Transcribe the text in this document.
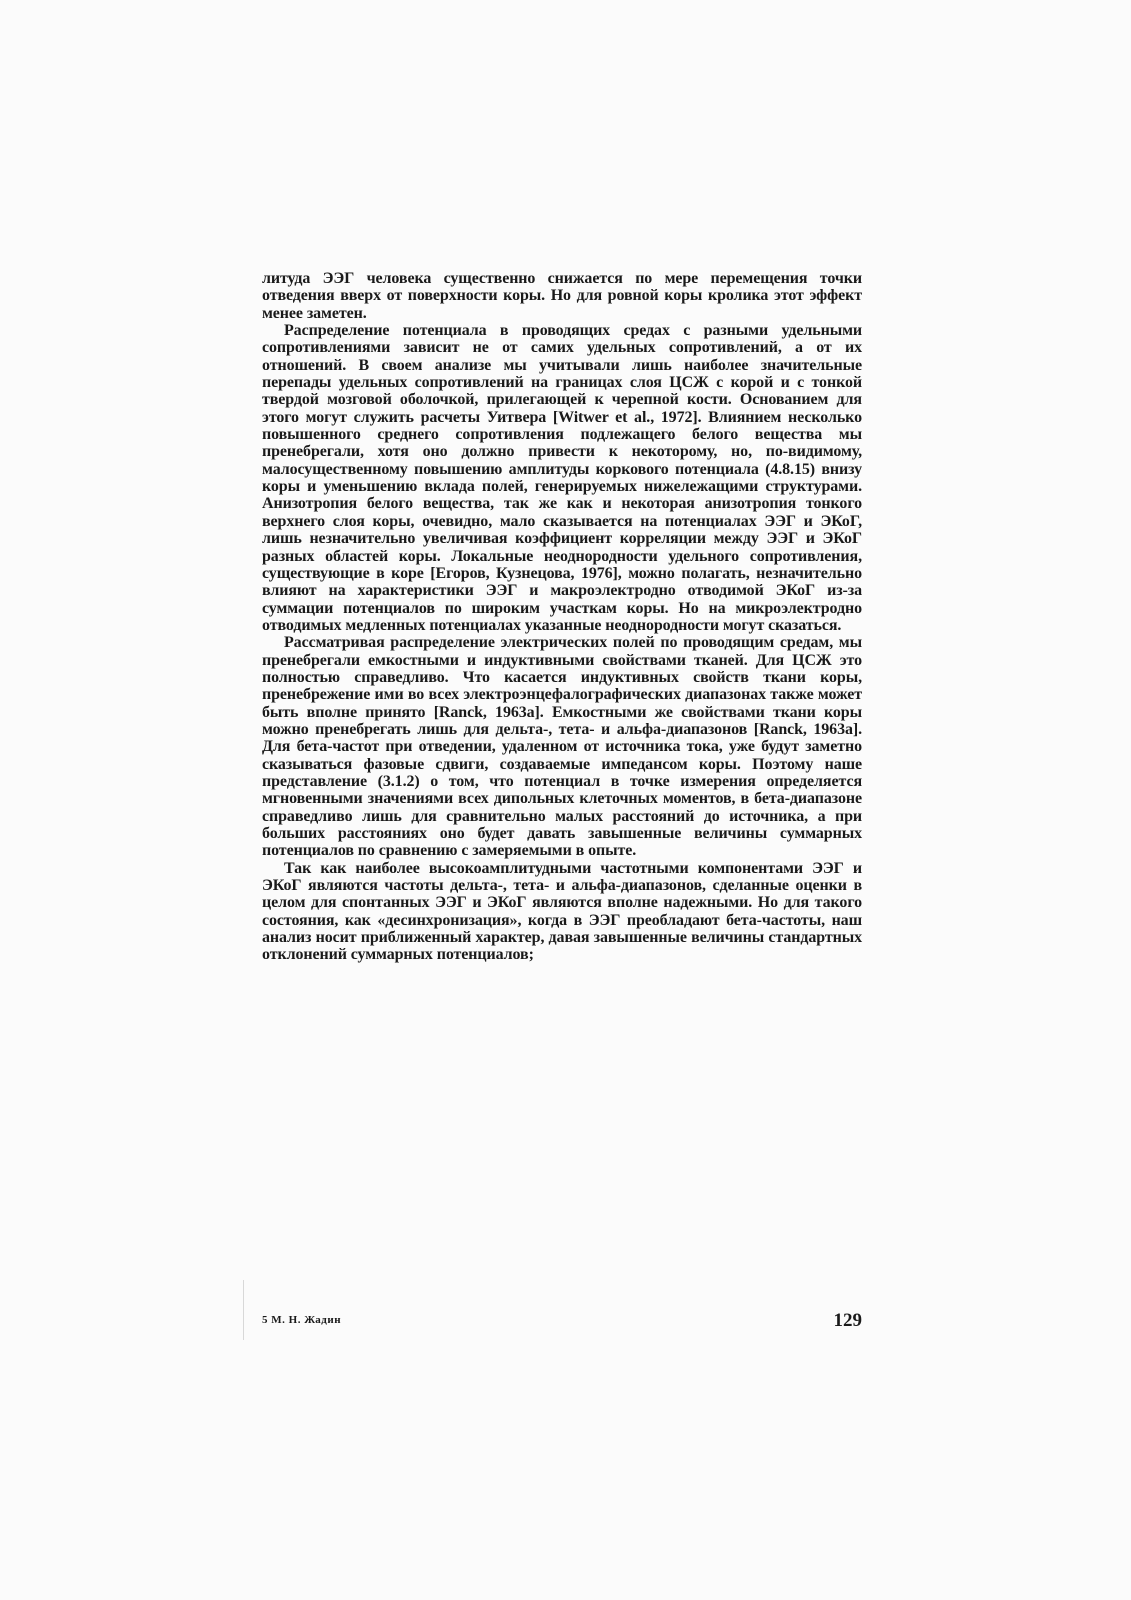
литуда ЭЭГ человека существенно снижается по мере перемещения точки отведения вверх от поверхности коры. Но для ровной коры кролика этот эффект менее заметен.

Распределение потенциала в проводящих средах с разными удельными сопротивлениями зависит не от самих удельных сопротивлений, а от их отношений. В своем анализе мы учитывали лишь наиболее значительные перепады удельных сопротивлений на границах слоя ЦСЖ с корой и с тонкой твердой мозговой оболочкой, прилегающей к черепной кости. Основанием для этого могут служить расчеты Уитвера [Witwer et al., 1972]. Влиянием несколько повышенного среднего сопротивления подлежащего белого вещества мы пренебрегали, хотя оно должно привести к некоторому, но, по-видимому, малосущественному повышению амплитуды коркового потенциала (4.8.15) внизу коры и уменьшению вклада полей, генерируемых нижележащими структурами. Анизотропия белого вещества, так же как и некоторая анизотропия тонкого верхнего слоя коры, очевидно, мало сказывается на потенциалах ЭЭГ и ЭКоГ, лишь незначительно увеличивая коэффициент корреляции между ЭЭГ и ЭКоГ разных областей коры. Локальные неоднородности удельного сопротивления, существующие в коре [Егоров, Кузнецова, 1976], можно полагать, незначительно влияют на характеристики ЭЭГ и макроэлектродно отводимой ЭКоГ из-за суммации потенциалов по широким участкам коры. Но на микроэлектродно отводимых медленных потенциалах указанные неоднородности могут сказаться.

Рассматривая распределение электрических полей по проводящим средам, мы пренебрегали емкостными и индуктивными свойствами тканей. Для ЦСЖ это полностью справедливо. Что касается индуктивных свойств ткани коры, пренебрежение ими во всех электроэнцефалографических диапазонах также может быть вполне принято [Ranck, 1963a]. Емкостными же свойствами ткани коры можно пренебрегать лишь для дельта-, тета- и альфа-диапазонов [Ranck, 1963a]. Для бета-частот при отведении, удаленном от источника тока, уже будут заметно сказываться фазовые сдвиги, создаваемые импедансом коры. Поэтому наше представление (3.1.2) о том, что потенциал в точке измерения определяется мгновенными значениями всех дипольных клеточных моментов, в бета-диапазоне справедливо лишь для сравнительно малых расстояний до источника, а при больших расстояниях оно будет давать завышенные величины суммарных потенциалов по сравнению с замеряемыми в опыте.

Так как наиболее высокоамплитудными частотными компонентами ЭЭГ и ЭКоГ являются частоты дельта-, тета- и альфа-диапазонов, сделанные оценки в целом для спонтанных ЭЭГ и ЭКоГ являются вполне надежными. Но для такого состояния, как «десинхронизация», когда в ЭЭГ преобладают бета-частоты, наш анализ носит приближенный характер, давая завышенные величины стандартных отклонений суммарных потенциалов;

5 М. Н. Жадин	129
